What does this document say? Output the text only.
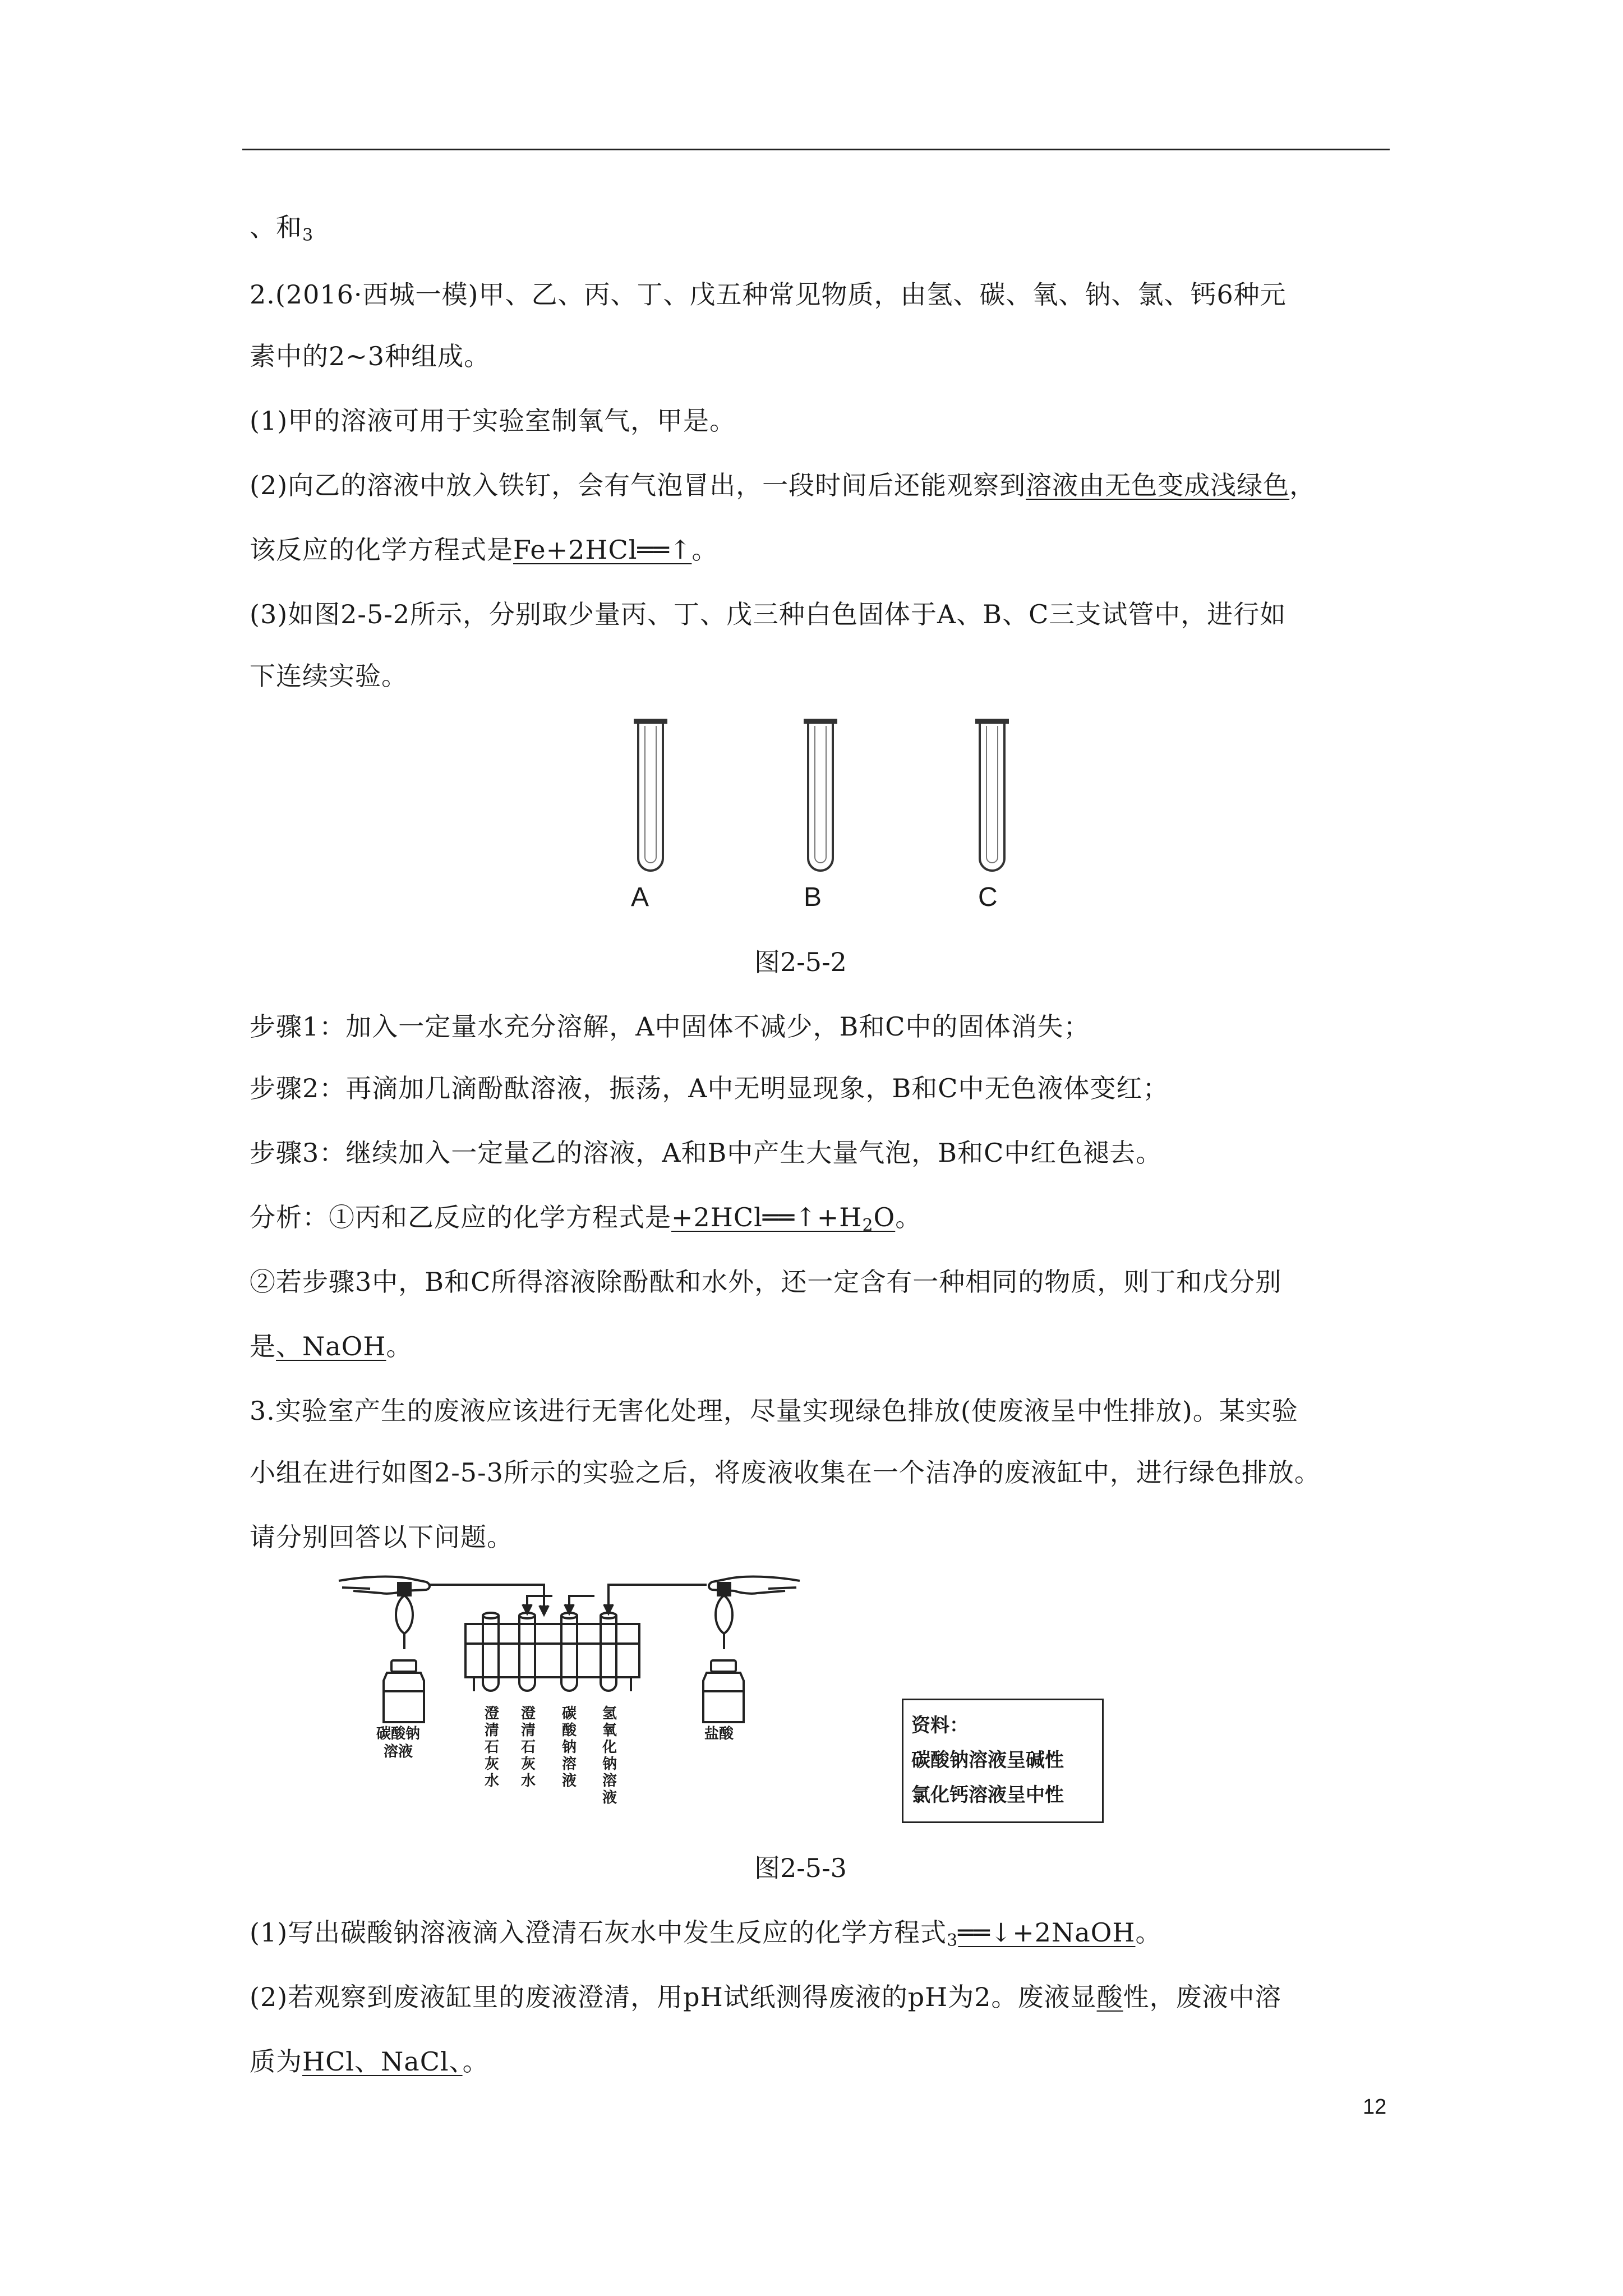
、和$_3$
2.(2016·西城一模)甲、乙、丙、丁、戊五种常见物质，由氢、碳、氧、钠、氯、钙6种元
素中的2~3种组成。
(1)甲的溶液可用于实验室制氧气，甲是。
(2)向乙的溶液中放入铁钉，会有气泡冒出，一段时间后还能观察到溶液由无色变成浅绿色，
该反应的化学方程式是Fe+2HCl══↑。
(3)如图2-5-2所示，分别取少量丙、丁、戊三种白色固体于A、B、C三支试管中，进行如
下连续实验。
A	B	C
图2-5-2
步骤1：加入一定量水充分溶解，A中固体不减少，B和C中的固体消失；
步骤2：再滴加几滴酚酞溶液，振荡，A中无明显现象，B和C中无色液体变红；
步骤3：继续加入一定量乙的溶液，A和B中产生大量气泡，B和C中红色褪去。
分析：①丙和乙反应的化学方程式是$+2HCl══↑+H_2O$。
②若步骤3中，B和C所得溶液除酚酞和水外，还一定含有一种相同的物质，则丁和戊分别
是、NaOH。
3.实验室产生的废液应该进行无害化处理，尽量实现绿色排放(使废液呈中性排放)。某实验
小组在进行如图2-5-3所示的实验之后，将废液收集在一个洁净的废液缸中，进行绿色排放。
请分别回答以下问题。
碳酸钠溶液
盐酸
澄清石灰水
澄清石灰水
碳酸钠溶液
氢氧化钠溶液
资料：
碳酸钠溶液呈碱性
氯化钙溶液呈中性
图2-5-3
(1)写出碳酸钠溶液滴入澄清石灰水中发生反应的化学方程式$_3$══↓+2NaOH。
(2)若观察到废液缸里的废液澄清，用pH试纸测得废液的pH为2。废液显酸性，废液中溶
质为HCl、NaCl、。
12
